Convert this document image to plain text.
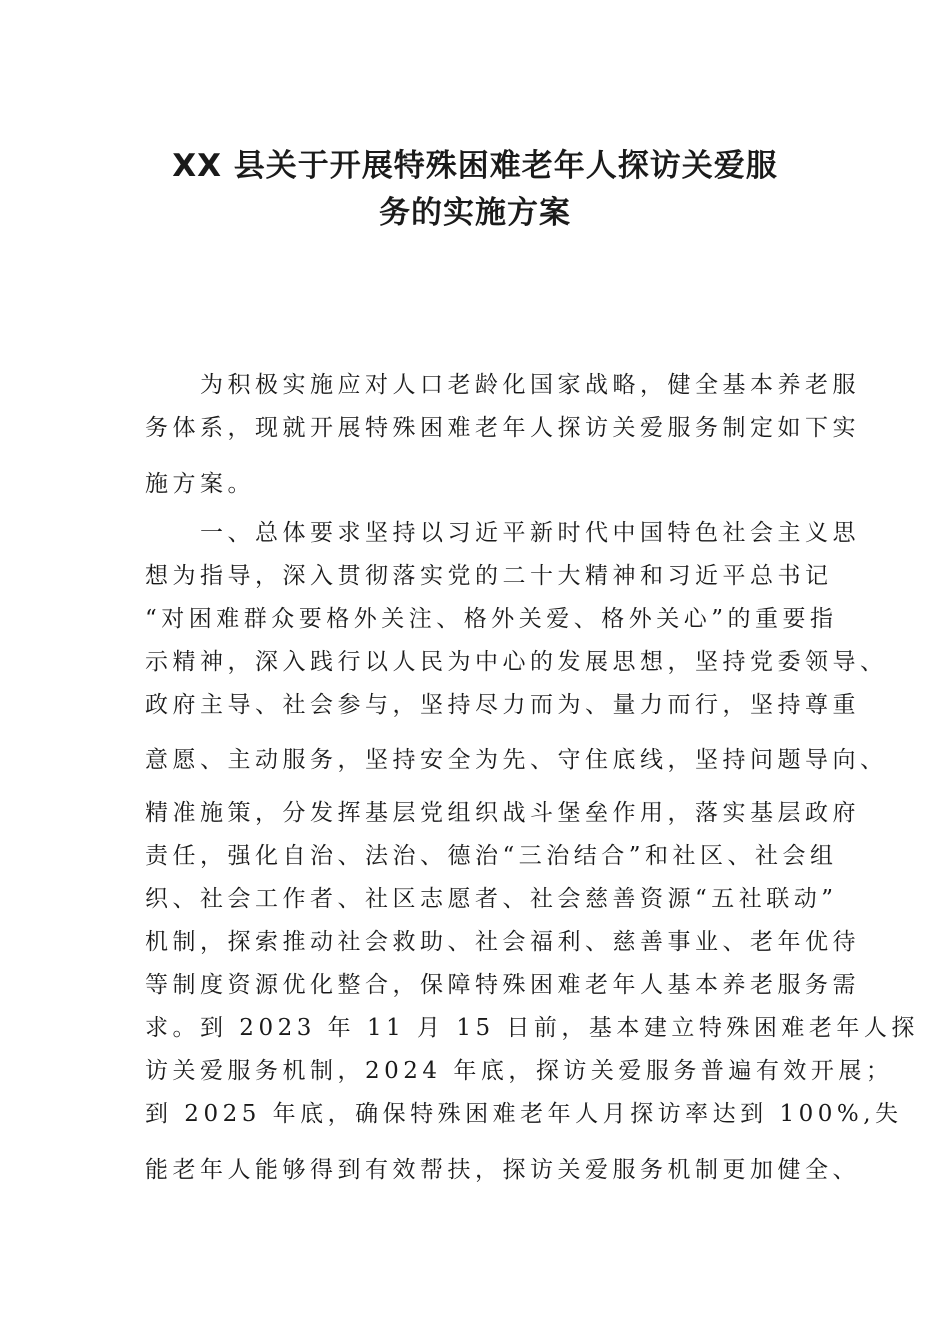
XX 县关于开展特殊困难老年人探访关爱服
务的实施方案

为积极实施应对人口老龄化国家战略，健全基本养老服

务体系，现就开展特殊困难老年人探访关爱服务制定如下实

施方案。

一、总体要求坚持以习近平新时代中国特色社会主义思

想为指导，深入贯彻落实党的二十大精神和习近平总书记

“对困难群众要格外关注、格外关爱、格外关心”的重要指

示精神，深入践行以人民为中心的发展思想，坚持党委领导、

政府主导、社会参与，坚持尽力而为、量力而行，坚持尊重

意愿、主动服务，坚持安全为先、守住底线，坚持问题导向、

精准施策，分发挥基层党组织战斗堡垒作用，落实基层政府

责任，强化自治、法治、德治“三治结合”和社区、社会组

织、社会工作者、社区志愿者、社会慈善资源“五社联动”

机制，探索推动社会救助、社会福利、慈善事业、老年优待

等制度资源优化整合，保障特殊困难老年人基本养老服务需

求。到 2023 年 11 月 15 日前，基本建立特殊困难老年人探

访关爱服务机制，2024 年底，探访关爱服务普遍有效开展；

到 2025 年底，确保特殊困难老年人月探访率达到 100%,失

能老年人能够得到有效帮扶，探访关爱服务机制更加健全、
